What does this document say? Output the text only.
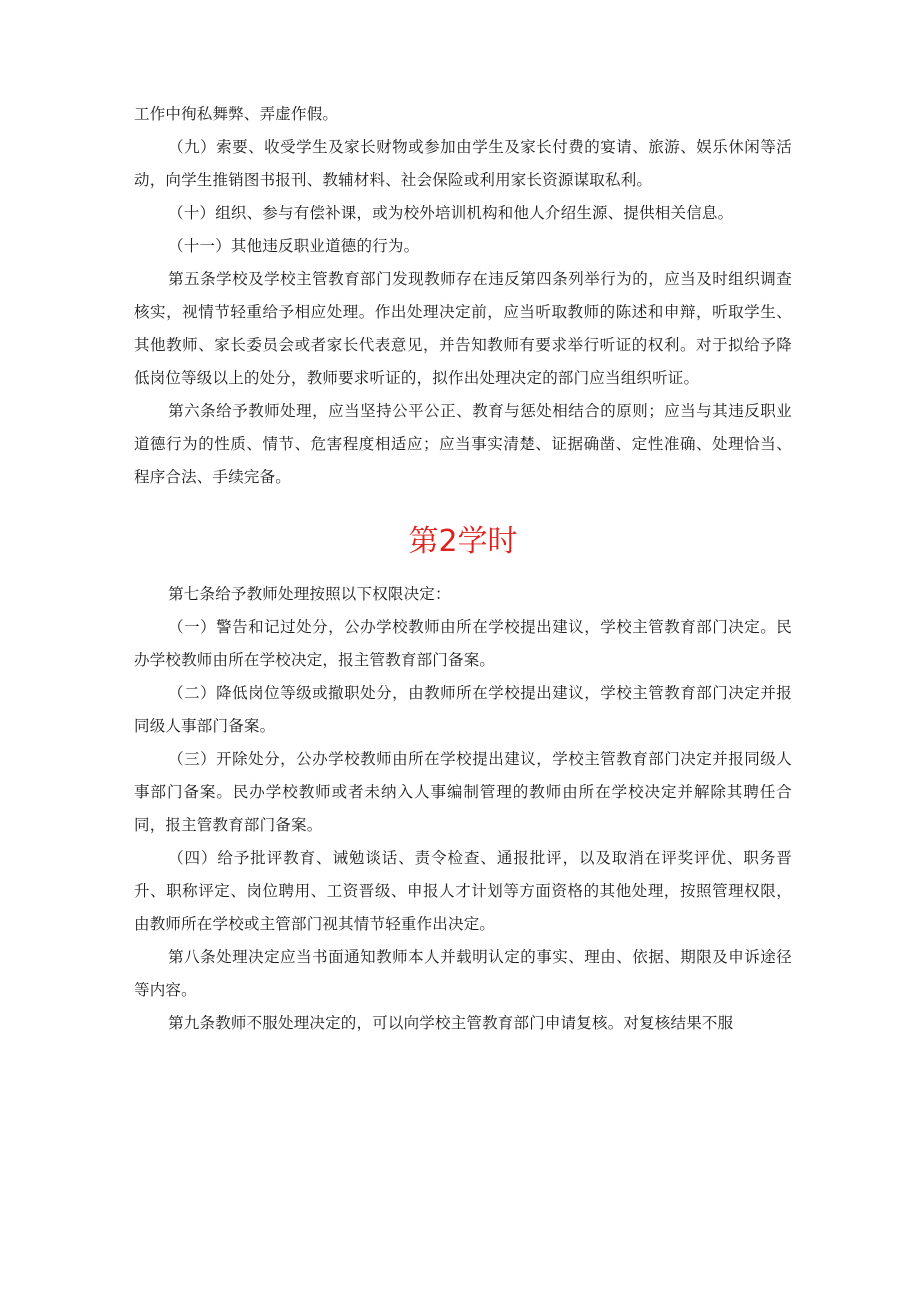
工作中徇私舞弊、弄虚作假。

（九）索要、收受学生及家长财物或参加由学生及家长付费的宴请、旅游、娱乐休闲等活动，向学生推销图书报刊、教辅材料、社会保险或利用家长资源谋取私利。

（十）组织、参与有偿补课，或为校外培训机构和他人介绍生源、提供相关信息。

（十一）其他违反职业道德的行为。

第五条学校及学校主管教育部门发现教师存在违反第四条列举行为的，应当及时组织调查核实，视情节轻重给予相应处理。作出处理决定前，应当听取教师的陈述和申辩，听取学生、其他教师、家长委员会或者家长代表意见，并告知教师有要求举行听证的权利。对于拟给予降低岗位等级以上的处分，教师要求听证的，拟作出处理决定的部门应当组织听证。

第六条给予教师处理，应当坚持公平公正、教育与惩处相结合的原则；应当与其违反职业道德行为的性质、情节、危害程度相适应；应当事实清楚、证据确凿、定性准确、处理恰当、程序合法、手续完备。

第2学时

第七条给予教师处理按照以下权限决定：

（一）警告和记过处分，公办学校教师由所在学校提出建议，学校主管教育部门决定。民办学校教师由所在学校决定，报主管教育部门备案。

（二）降低岗位等级或撤职处分，由教师所在学校提出建议，学校主管教育部门决定并报同级人事部门备案。

（三）开除处分，公办学校教师由所在学校提出建议，学校主管教育部门决定并报同级人事部门备案。民办学校教师或者未纳入人事编制管理的教师由所在学校决定并解除其聘任合同，报主管教育部门备案。

（四）给予批评教育、诫勉谈话、责令检查、通报批评，以及取消在评奖评优、职务晋升、职称评定、岗位聘用、工资晋级、申报人才计划等方面资格的其他处理，按照管理权限，由教师所在学校或主管部门视其情节轻重作出决定。

第八条处理决定应当书面通知教师本人并载明认定的事实、理由、依据、期限及申诉途径等内容。

第九条教师不服处理决定的，可以向学校主管教育部门申请复核。对复核结果不服
